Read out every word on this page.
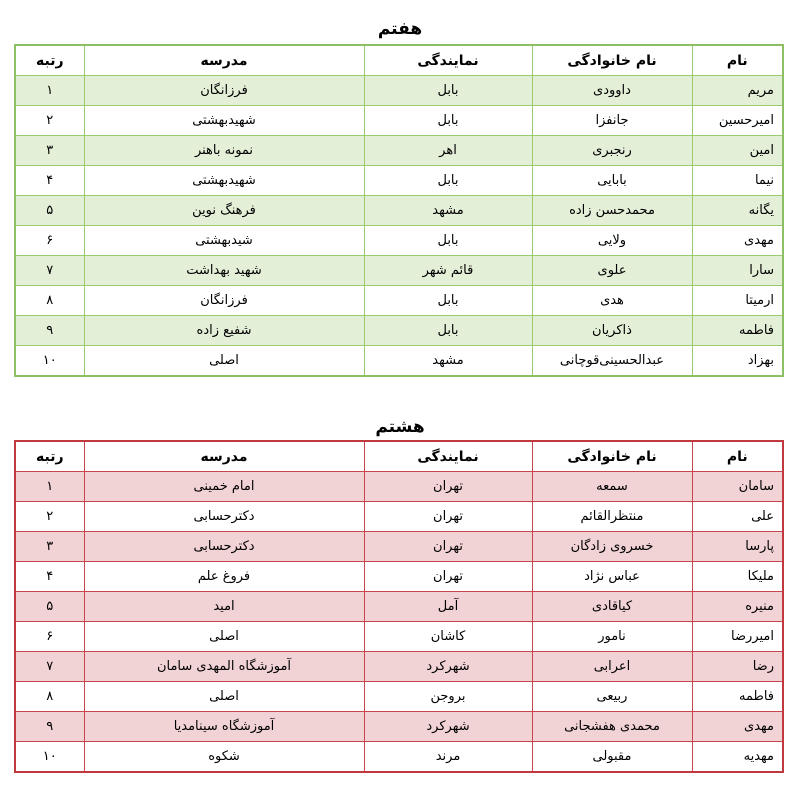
هفتم
نام	نام خانوادگی	نمایندگی	مدرسه	رتبه
مریم	داوودی	بابل	فرزانگان	۱
امیرحسین	جانفزا	بابل	شهیدبهشتی	۲
امین	رنجبری	اهر	نمونه باهنر	۳
نیما	بابایی	بابل	شهیدبهشتی	۴
یگانه	محمدحسن زاده	مشهد	فرهنگ نوین	۵
مهدی	ولایی	بابل	شیدبهشتی	۶
سارا	علوی	قائم شهر	شهید بهداشت	۷
ارمیتا	هدی	بابل	فرزانگان	۸
فاطمه	ذاکریان	بابل	شفیع زاده	۹
بهزاد	عبدالحسینی‌قوچانی	مشهد	اصلی	۱۰
هشتم
نام	نام خانوادگی	نمایندگی	مدرسه	رتبه
سامان	سمعه	تهران	امام خمینی	۱
علی	منتظرالقائم	تهران	دکترحسابی	۲
پارسا	خسروی زادگان	تهران	دکترحسابی	۳
ملیکا	عباس نژاد	تهران	فروغ علم	۴
منیره	کیاقادی	آمل	امید	۵
امیررضا	نامور	کاشان	اصلی	۶
رضا	اعرابی	شهرکرد	آموزشگاه المهدی سامان	۷
فاطمه	ربیعی	بروجن	اصلی	۸
مهدی	محمدی هفشجانی	شهرکرد	آموزشگاه سینامدیا	۹
مهدیه	مقبولی	مرند	شکوه	۱۰
